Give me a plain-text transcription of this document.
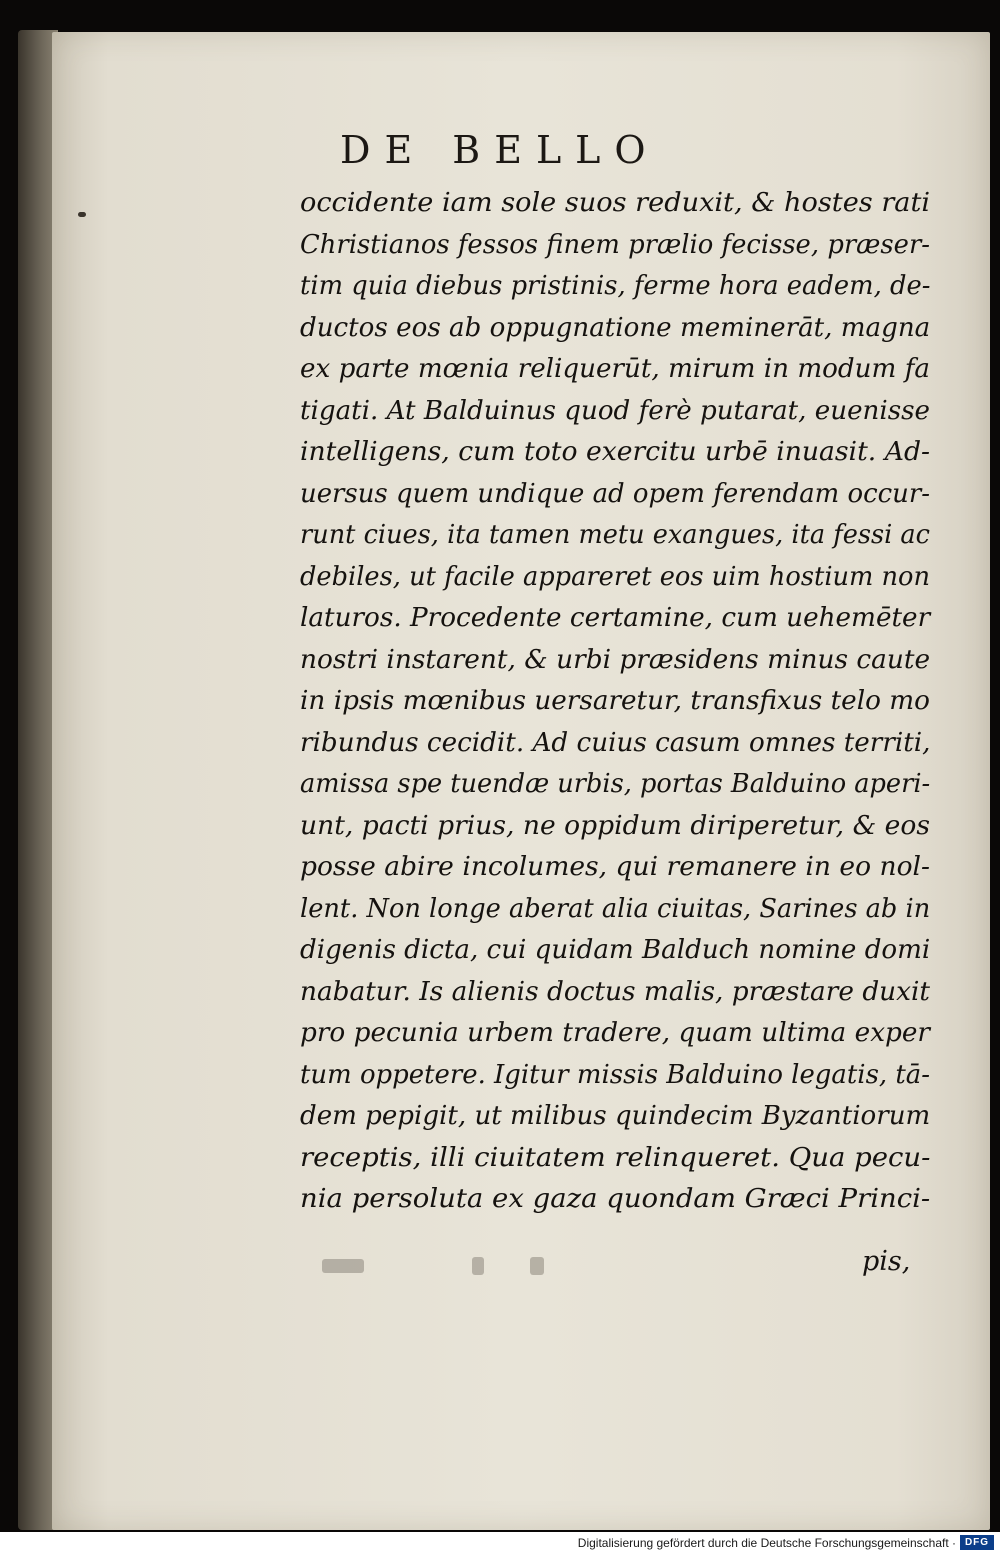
DE BELLO
occidente iam sole suos reduxit, & hostes rati
Christianos fessos finem prælio fecisse, præser-
tim quia diebus pristinis, ferme hora eadem, de-
ductos eos ab oppugnatione meminerāt, magna
ex parte mœnia reliquerūt, mirum in modum fa
tigati. At Balduinus quod ferè putarat, euenisse
intelligens, cum toto exercitu urbē inuasit. Ad-
uersus quem undique ad opem ferendam occur-
runt ciues, ita tamen metu exangues, ita fessi ac
debiles, ut facile appareret eos uim hostium non
laturos. Procedente certamine, cum uehemēter
nostri instarent, & urbi præsidens minus caute
in ipsis mœnibus uersaretur, transfixus telo mo
ribundus cecidit. Ad cuius casum omnes territi,
amissa spe tuendæ urbis, portas Balduino aperi-
unt, pacti prius, ne oppidum diriperetur, & eos
posse abire incolumes, qui remanere in eo nol-
lent. Non longe aberat alia ciuitas, Sarines ab in
digenis dicta, cui quidam Balduch nomine domi
nabatur. Is alienis doctus malis, præstare duxit
pro pecunia urbem tradere, quam ultima exper
tum oppetere. Igitur missis Balduino legatis, tā-
dem pepigit, ut milibus quindecim Byzantiorum
receptis, illi ciuitatem relinqueret. Qua pecu-
nia persoluta ex gaza quondam Græci Princi-
pis,
Digitalisierung gefördert durch die Deutsche Forschungsgemeinschaft · DFG
